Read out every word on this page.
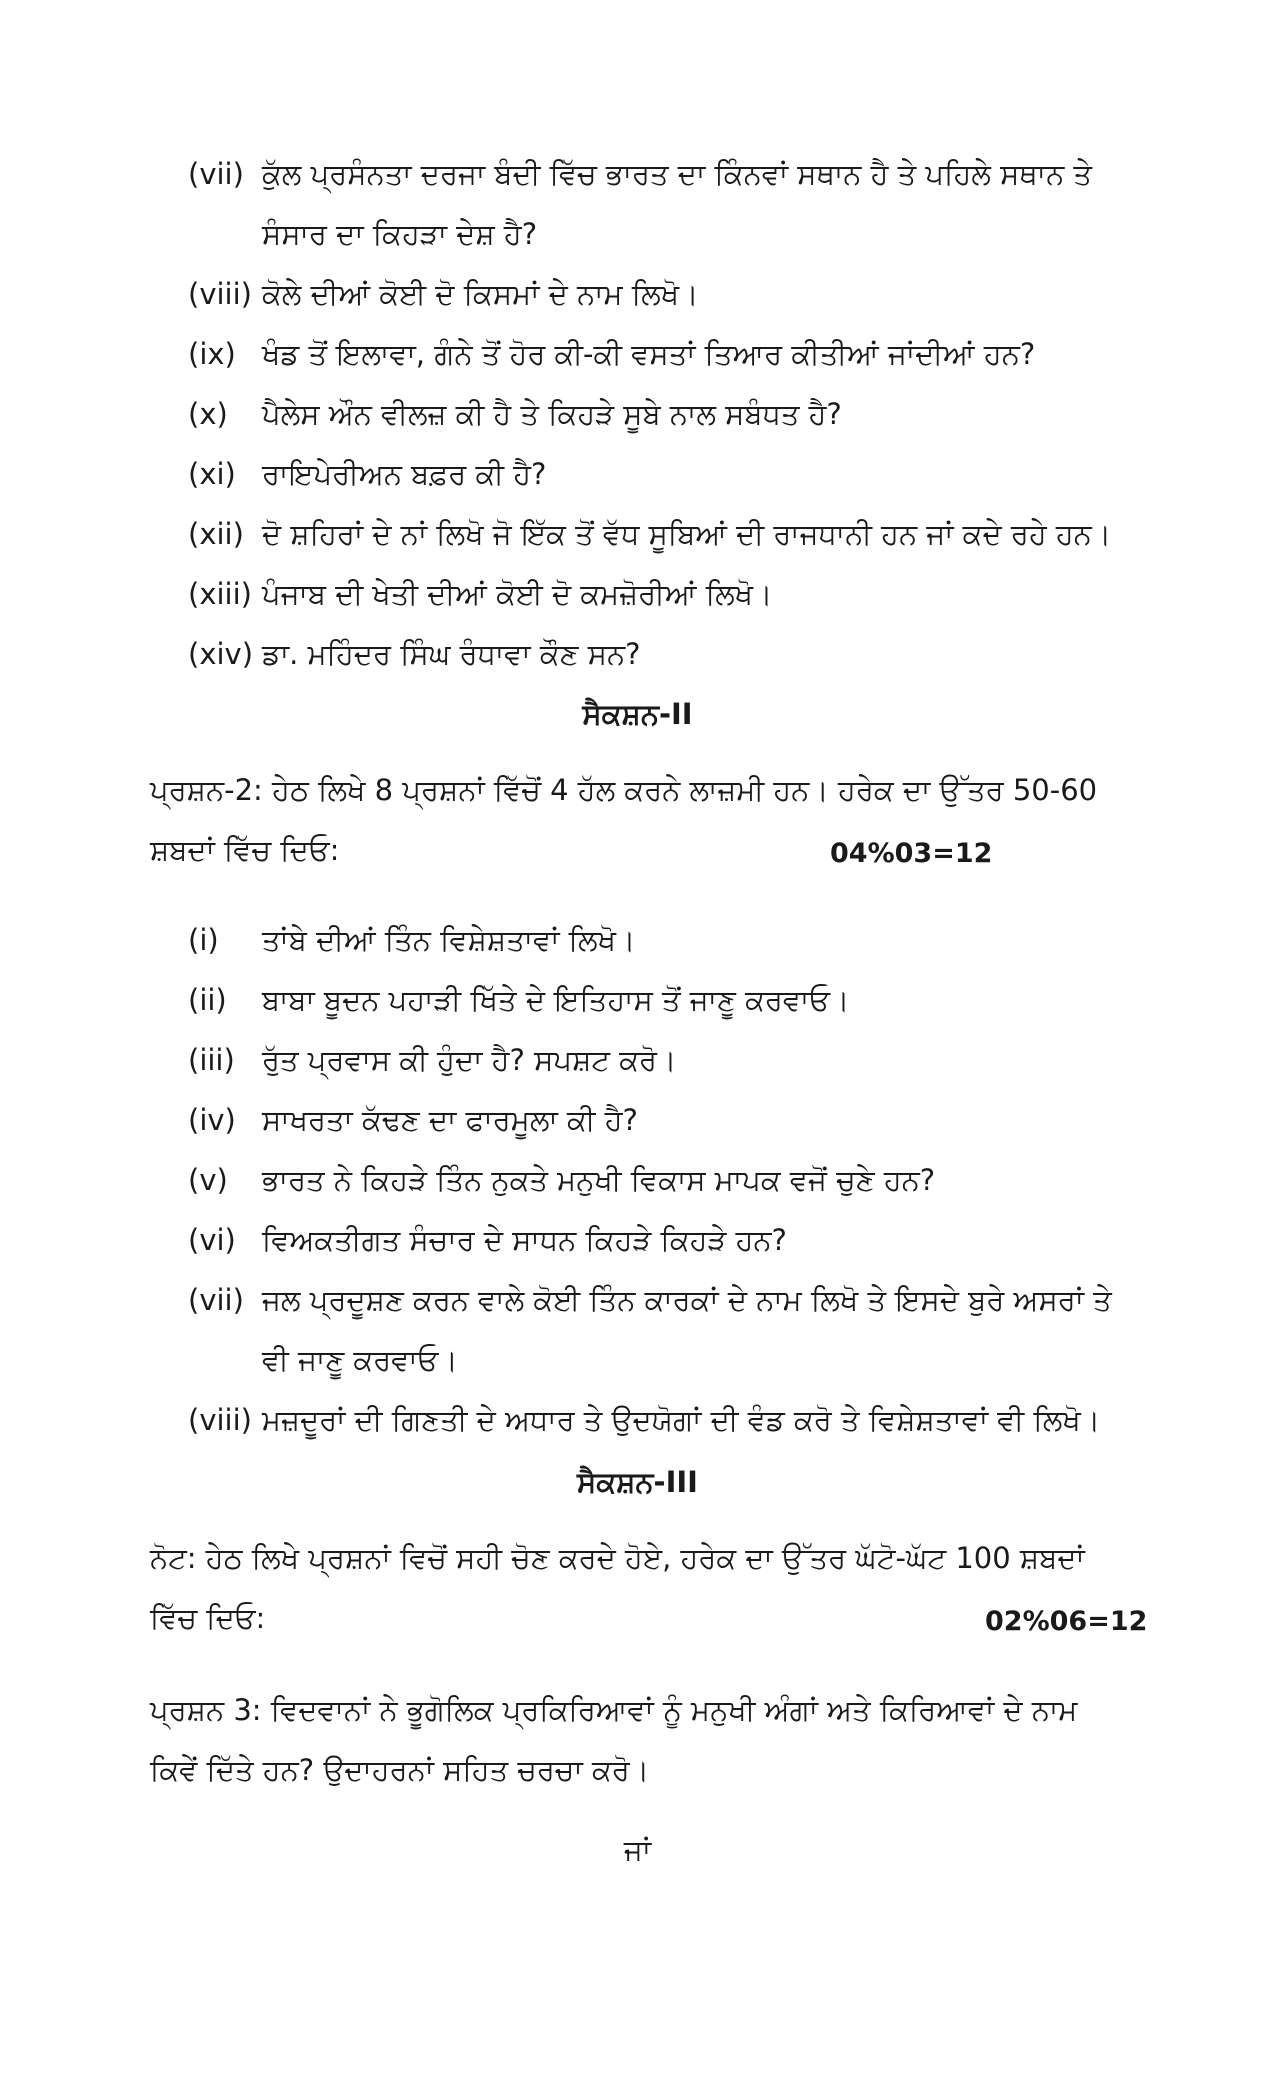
(vii) ਕੁੱਲ ਪ੍ਰਸੰਨਤਾ ਦਰਜਾ ਬੰਦੀ ਵਿੱਚ ਭਾਰਤ ਦਾ ਕਿੰਨਵਾਂ ਸਥਾਨ ਹੈ ਤੇ ਪਹਿਲੇ ਸਥਾਨ ਤੇ ਸੰਸਾਰ ਦਾ ਕਿਹੜਾ ਦੇਸ਼ ਹੈ?
(viii) ਕੋਲੇ ਦੀਆਂ ਕੋਈ ਦੋ ਕਿਸਮਾਂ ਦੇ ਨਾਮ ਲਿਖੋ।
(ix) ਖੰਡ ਤੋਂ ਇਲਾਵਾ, ਗੰਨੇ ਤੋਂ ਹੋਰ ਕੀ-ਕੀ ਵਸਤਾਂ ਤਿਆਰ ਕੀਤੀਆਂ ਜਾਂਦੀਆਂ ਹਨ?
(x)	ਪੈਲੇਸ ਔਨ ਵੀਲਜ਼ ਕੀ ਹੈ ਤੇ ਕਿਹੜੇ ਸੂਬੇ ਨਾਲ ਸਬੰਧਤ ਹੈ?
(xi) ਰਾਇਪੇਰੀਅਨ ਬਫ਼ਰ ਕੀ ਹੈ?
(xii) ਦੋ ਸ਼ਹਿਰਾਂ ਦੇ ਨਾਂ ਲਿਖੋ ਜੋ ਇੱਕ ਤੋਂ ਵੱਧ ਸੂਬਿਆਂ ਦੀ ਰਾਜਧਾਨੀ ਹਨ ਜਾਂ ਕਦੇ ਰਹੇ ਹਨ।
(xiii) ਪੰਜਾਬ ਦੀ ਖੇਤੀ ਦੀਆਂ ਕੋਈ ਦੋ ਕਮਜ਼ੋਰੀਆਂ ਲਿਖੋ।
(xiv) ਡਾ. ਮਹਿੰਦਰ ਸਿੰਘ ਰੰਧਾਵਾ ਕੌਣ ਸਨ?
ਸੈਕਸ਼ਨ-II
ਪ੍ਰਸ਼ਨ-2: ਹੇਠ ਲਿਖੇ 8 ਪ੍ਰਸ਼ਨਾਂ ਵਿੱਚੋਂ 4 ਹੱਲ ਕਰਨੇ ਲਾਜ਼ਮੀ ਹਨ। ਹਰੇਕ ਦਾ ਉੱਤਰ 50-60 ਸ਼ਬਦਾਂ ਵਿੱਚ ਦਿਓ:	04%03=12
(i)	ਤਾਂਬੇ ਦੀਆਂ ਤਿੰਨ ਵਿਸ਼ੇਸ਼ਤਾਵਾਂ ਲਿਖੋ।
(ii)	ਬਾਬਾ ਬੂਦਨ ਪਹਾੜੀ ਖਿੱਤੇ ਦੇ ਇਤਿਹਾਸ ਤੋਂ ਜਾਣੂ ਕਰਵਾਓ।
(iii) ਰੁੱਤ ਪ੍ਰਵਾਸ ਕੀ ਹੁੰਦਾ ਹੈ? ਸਪਸ਼ਟ ਕਰੋ।
(iv) ਸਾਖਰਤਾ ਕੱਢਣ ਦਾ ਫਾਰਮੂਲਾ ਕੀ ਹੈ?
(v)	ਭਾਰਤ ਨੇ ਕਿਹੜੇ ਤਿੰਨ ਨੁਕਤੇ ਮਨੁਖੀ ਵਿਕਾਸ ਮਾਪਕ ਵਜੋਂ ਚੁਣੇ ਹਨ?
(vi) ਵਿਅਕਤੀਗਤ ਸੰਚਾਰ ਦੇ ਸਾਧਨ ਕਿਹੜੇ ਕਿਹੜੇ ਹਨ?
(vii) ਜਲ ਪ੍ਰਦੂਸ਼ਣ ਕਰਨ ਵਾਲੇ ਕੋਈ ਤਿੰਨ ਕਾਰਕਾਂ ਦੇ ਨਾਮ ਲਿਖੋ ਤੇ ਇਸਦੇ ਬੁਰੇ ਅਸਰਾਂ ਤੇ ਵੀ ਜਾਣੂ ਕਰਵਾਓ।
(viii) ਮਜ਼ਦੂਰਾਂ ਦੀ ਗਿਣਤੀ ਦੇ ਅਧਾਰ ਤੇ ਉਦਯੋਗਾਂ ਦੀ ਵੰਡ ਕਰੋ ਤੇ ਵਿਸ਼ੇਸ਼ਤਾਵਾਂ ਵੀ ਲਿਖੋ।
ਸੈਕਸ਼ਨ-III
ਨੋਟ: ਹੇਠ ਲਿਖੇ ਪ੍ਰਸ਼ਨਾਂ ਵਿਚੋਂ ਸਹੀ ਚੋਣ ਕਰਦੇ ਹੋਏ, ਹਰੇਕ ਦਾ ਉੱਤਰ ਘੱਟੋ-ਘੱਟ 100 ਸ਼ਬਦਾਂ ਵਿੱਚ ਦਿਓ:	02%06=12
ਪ੍ਰਸ਼ਨ 3: ਵਿਦਵਾਨਾਂ ਨੇ ਭੂਗੋਲਿਕ ਪ੍ਰਕਿਰਿਆਵਾਂ ਨੂੰ ਮਨੁਖੀ ਅੰਗਾਂ ਅਤੇ ਕਿਰਿਆਵਾਂ ਦੇ ਨਾਮ ਕਿਵੇਂ ਦਿੱਤੇ ਹਨ? ਉਦਾਹਰਨਾਂ ਸਹਿਤ ਚਰਚਾ ਕਰੋ।
ਜਾਂ
